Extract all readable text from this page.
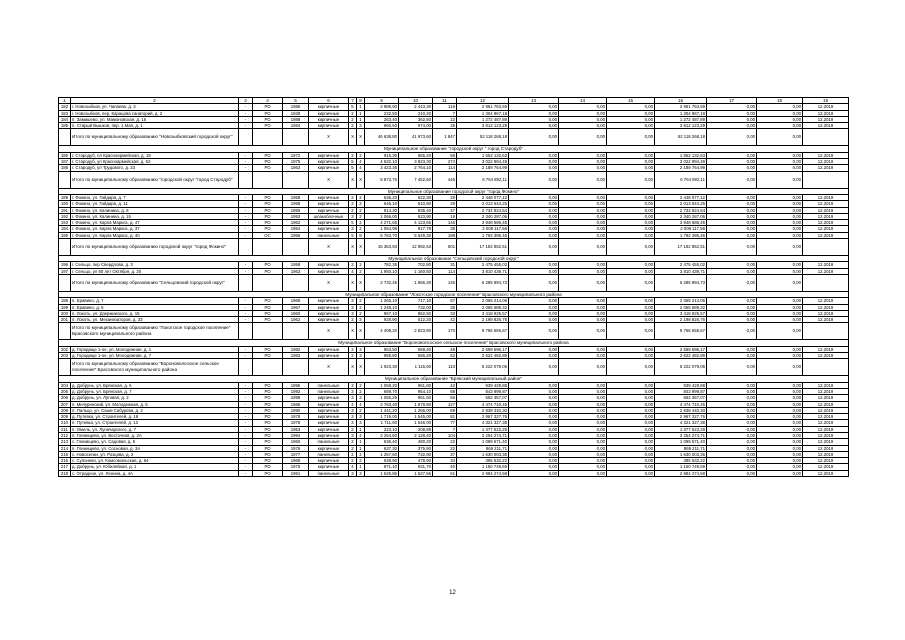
1	2	3	4	5	6	7	8	9	10	11	12	13	14	15	16	17	18	19
182	г. Новозыбков, ул. Чапаева, д. 3	-	РО	1986	кирпичные	5	1	2 988,90	2 443,30	119	2 961 763,59	0,00	0,00	0,00	2 961 763,59	0,00	0,00	12.2019
183	г. Новозыбков, пер. Карацова санаторий, д. 2	-	РО	1928	кирпичные	2	1	232,50	210,20	7	1 304 867,18	0,00	0,00	0,00	1 304 867,18	0,00	0,00	12.2019
184	п. Замишево, ул. Мамоновская, д. 16	-	РО	1988	кирпичные	2	1	263,40	362,50	22	1 272 487,89	0,00	0,00	0,00	1 272 487,89	0,00	0,00	12.2019
185	п. Старый Вышков, пер. 1 Мая, д. 1	-	РО	1984	кирпичные	2	3	960,50	974,00	35	3 812 123,29	0,00	0,00	0,00	3 812 123,29	0,00	0,00	12.2019
	Итого по муниципальному образованию "Новозыбковский городской округ"				X	X	X	46 638,80	41 973,60	1 847	52 118 268,18	0,00	0,00	0,00	52 118 268,18	0,00	0,00	
Муниципальное образование "городской округ " город Стародуб"																		
186	г. Стародуб, пл Красноармейская, д. 18	-	РО	1972	кирпичные	2	2	916,30	865,20	58	1 552 132,63	0,00	0,00	0,00	1 552 132,63	0,00	0,00	12.2019
187	г. Стародуб, ул Красноармейская, д. 62	-	РО	1975	кирпичные	5	4	4 532,10	3 823,30	274	3 022 994,49	0,00	0,00	0,00	3 022 994,49	0,00	0,00	12.2019
188	г. Стародуб, ул Трудового, д. 23	-	РО	1962	кирпичные	5	4	3 423,36	2 764,10	114	2 189 764,99	0,00	0,00	0,00	2 189 764,99	0,00	0,00	12.2019
	Итого по муниципальному образованию "городской округ "город Стародуб"				X	X	X	8 873,76	7 452,60	446	6 764 892,11	0,00	0,00	0,00	6 764 892,11	0,00	0,00	
Муниципальное образование городской округ "город Фокино"																		
189	г. Фокино, ул. Гайдара, д. 7	-	РО	1958	кирпичные	2	2	636,20	622,30	29	2 448 077,12	0,00	0,00	0,00	2 448 077,12	0,00	0,00	12.2019
190	г. Фокино, ул. Гайдара, д. 11	-	РО	1958	кирпичные	2	2	646,10	610,80	29	2 013 644,25	0,00	0,00	0,00	2 013 644,25	0,00	0,00	12.2019
191	г. Фокино, ул. Калинина, д. 8	-	РО	1955	кирпичные	2	2	914,30	835,40	47	2 734 824,54	0,00	0,00	0,00	2 734 824,54	0,00	0,00	12.2019
192	г. Фокино, ул. Калинина, д. 15	-	РО	1953	шлакоблочные	3	2	1 066,00	623,90	19	2 340 287,06	0,00	0,00	0,00	2 340 287,06	0,00	0,00	12.2019
193	г. Фокино, ул. Карла Маркса, д. 47	-	РО	1962	кирпичные	5	2	4 271,65	4 123,65	145	3 948 586,45	0,00	0,00	0,00	3 948 586,45	0,00	0,00	12.2019
194	г. Фокино, ул. Карла Маркса, д. 37	-	РО	1954	кирпичные	3	2	1 054,98	917,78	38	2 008 117,56	0,00	0,00	0,00	2 008 117,56	0,00	0,00	12.2019
195	г. Фокино, ул. Карла Маркса, д. 40	-	ОС	1956	панельные	5	8	6 763,70	5 649,30	198	1 792 395,46	0,00	0,00	0,00	1 792 395,46	0,00	0,00	12.2019
	Итого по муниципальному образованию городской округ "город Фокино"				X	X	X	15 363,93	12 982,63	501	17 182 852,51	0,00	0,00	0,00	17 182 852,51	0,00	0,00	
Муниципальное образование "Сельцовский городской округ"																		
196	г. Сельцо, пер Свердлова, д. 3	-	РО	1958	кирпичные	2	2	782,35	702,80	31	2 475 455,02	0,00	0,00	0,00	2 475 455,02	0,00	0,00	12.2019
197	г. Сельцо, ул 60 лет Октября, д. 20	-	РО	1963	кирпичные	4	2	1 950,10	1 160,50	114	3 810 439,71	0,00	0,00	0,00	3 810 439,71	0,00	0,00	12.2019
	Итого по муниципальному образованию "Сельцовский городской округ"				X	X	X	2 732,45	1 866,30	145	6 285 894,73	0,00	0,00	0,00	6 285 894,73	0,00	0,00	
Муниципальное образование "Локотское городское поселение" Брасовского муниципального района																		
198	п. Еравино, д. 7	-	РО	1968	кирпичные	3	2	1 265,10	717,10	57	2 065 214,06	0,00	0,00	0,00	2 065 214,06	0,00	0,00	12.2019
199	п. Еравино, д. 5	-	РО	1967	кирпичные	3	2	1 248,10	732,00	38	2 065 589,32	0,00	0,00	0,00	2 065 589,32	0,00	0,00	12.2019
200	п. Локоть, ул. Дзержинского, д. 15	-	РО	1960	кирпичные	3	2	967,10	862,50	33	3 418 925,57	0,00	0,00	0,00	3 418 925,57	0,00	0,00	12.2019
201	п. Локоть, ул. Механизаторов, д. 33	-	РО	1962	кирпичные	2	3	928,90	512,20	42	2 198 826,76	0,00	0,00	0,00	2 198 826,76	0,00	0,00	12.2019
	Итого по муниципальному образованию "Локотское городское поселение" Брасовского муниципального района				X	X	X	4 409,20	2 823,80	170	9 766 555,67	0,00	0,00	0,00	9 766 555,67	0,00	0,00	
Муниципальное образование "Вороноволсоское сельское поселение" Брасовского муниципального района																		
202	д. Городище 1-ое, ул. Молодежная, д. 1	-	РО	1982	кирпичные	2	3	963,50	559,40	48	2 599 596,17	0,00	0,00	0,00	2 599 596,17	0,00	0,00	12.2019
203	д. Городище 1-ое, ул. Молодежная, д. 7	-	РО	1983	кирпичные	2	3	959,80	556,20	62	2 622 482,89	0,00	0,00	0,00	2 622 482,89	0,00	0,00	12.2019
	Итого по муниципальному образованию "Вороноволсоское сельское поселение" Брасовского муниципального района				X	X	X	1 923,30	1 115,60	110	5 222 079,06	0,00	0,00	0,00	5 222 079,06	0,00	0,00	
Муниципальное образование "Брянский муниципальный район"																		
204	д. Добрунь, ул. Брянская, д. 6	-	РО	1995	панельные	3	3	1 058,20	961,80	42	939 429,88	0,00	0,00	0,00	939 429,88	0,00	0,00	12.2019
205	д. Добрунь, ул. Брянская, д. 7	-	РО	1992	панельные	3	2	689,70	964,10	68	843 999,87	0,00	0,00	0,00	843 999,87	0,00	0,00	12.2019
206	д. Добрунь, ул. Луговая, д. 2	-	РО	1999	кирпичные	3	2	1 056,25	961,50	56	562 367,07	0,00	0,00	0,00	562 367,07	0,00	0,00	12.2019
207	п. Мичуринский, ул. Молодежная, д. 5	-	РО	1986	кирпичные	4	4	2 763,40	1 679,80	127	4 474 710,45	0,00	0,00	0,00	4 474 710,45	0,00	0,00	12.2019
208	п. Пальцо, ул. Саши Сабурова, д. 2	-	РО	1990	кирпичные	3	2	1 441,20	1 266,00	69	2 838 440,30	0,00	0,00	0,00	2 838 440,30	0,00	0,00	12.2019
209	д. Путевка, ул. Строителей, д. 18	-	РО	1978	кирпичные	3	3	1 719,00	1 545,00	81	2 967 327,76	0,00	0,00	0,00	2 967 327,76	0,00	0,00	12.2019
210	п. Путевка, ул. Строителей, д. 13	-	РО	1978	кирпичные	3	3	1 711,60	1 546,00	77	4 321 327,38	0,00	0,00	0,00	4 321 327,38	0,00	0,00	12.2019
211	п. Омель, ул. Луначарского, д. 7	-	РО	1953	кирпичные	2	1	223,10	208,89	7	1 377 522,29	0,00	0,00	0,00	1 377 522,29	0,00	0,00	12.2019
212	п. Глинищево, ул. Восточная, д. 2А	-	РО	1994	кирпичные	3	4	2 264,60	2 128,40	104	3 254 274,71	0,00	0,00	0,00	3 254 274,71	0,00	0,00	12.2019
213	с. Глинищево, ул. Садовая, д. 5	-	РО	1960	панельные	2	1	636,40	480,20	22	1 099 571,40	0,00	0,00	0,00	1 099 571,40	0,00	0,00	12.2019
214	п. Глинищево, ул. Сосновая, д. 3А	-	РО	1976	кирпичные	2	1	637,30	375,90	22	869 211,71	0,00	0,00	0,00	869 211,71	0,00	0,00	12.2019
215	с. Новоселки, ул. Розцова, д. 2	-	РО	1977	панельные	2	2	1 257,60	732,90	37	1 630 003,36	0,00	0,00	0,00	1 630 003,36	0,00	0,00	12.2019
216	с. Супонево, ул. Комсомольская, д. 64	-	РО	1968	кирпичные	2	2	538,90	478,90	34	395 532,22	0,00	0,00	0,00	395 532,22	0,00	0,00	12.2019
217	д. Добрунь, ул. Юбилейная, д. 1	-	РО	1975	кирпичные	4	1	971,10	931,70	40	1 150 749,59	0,00	0,00	0,00	1 150 749,59	0,00	0,00	12.2019
218	с. Отрадное, ул. Ленина, д. 4А	-	РО	1991	панельные	3	3	1 625,86	1 527,56	61	2 984 274,58	0,00	0,00	0,00	2 984 274,58	0,00	0,00	12.2019
12
